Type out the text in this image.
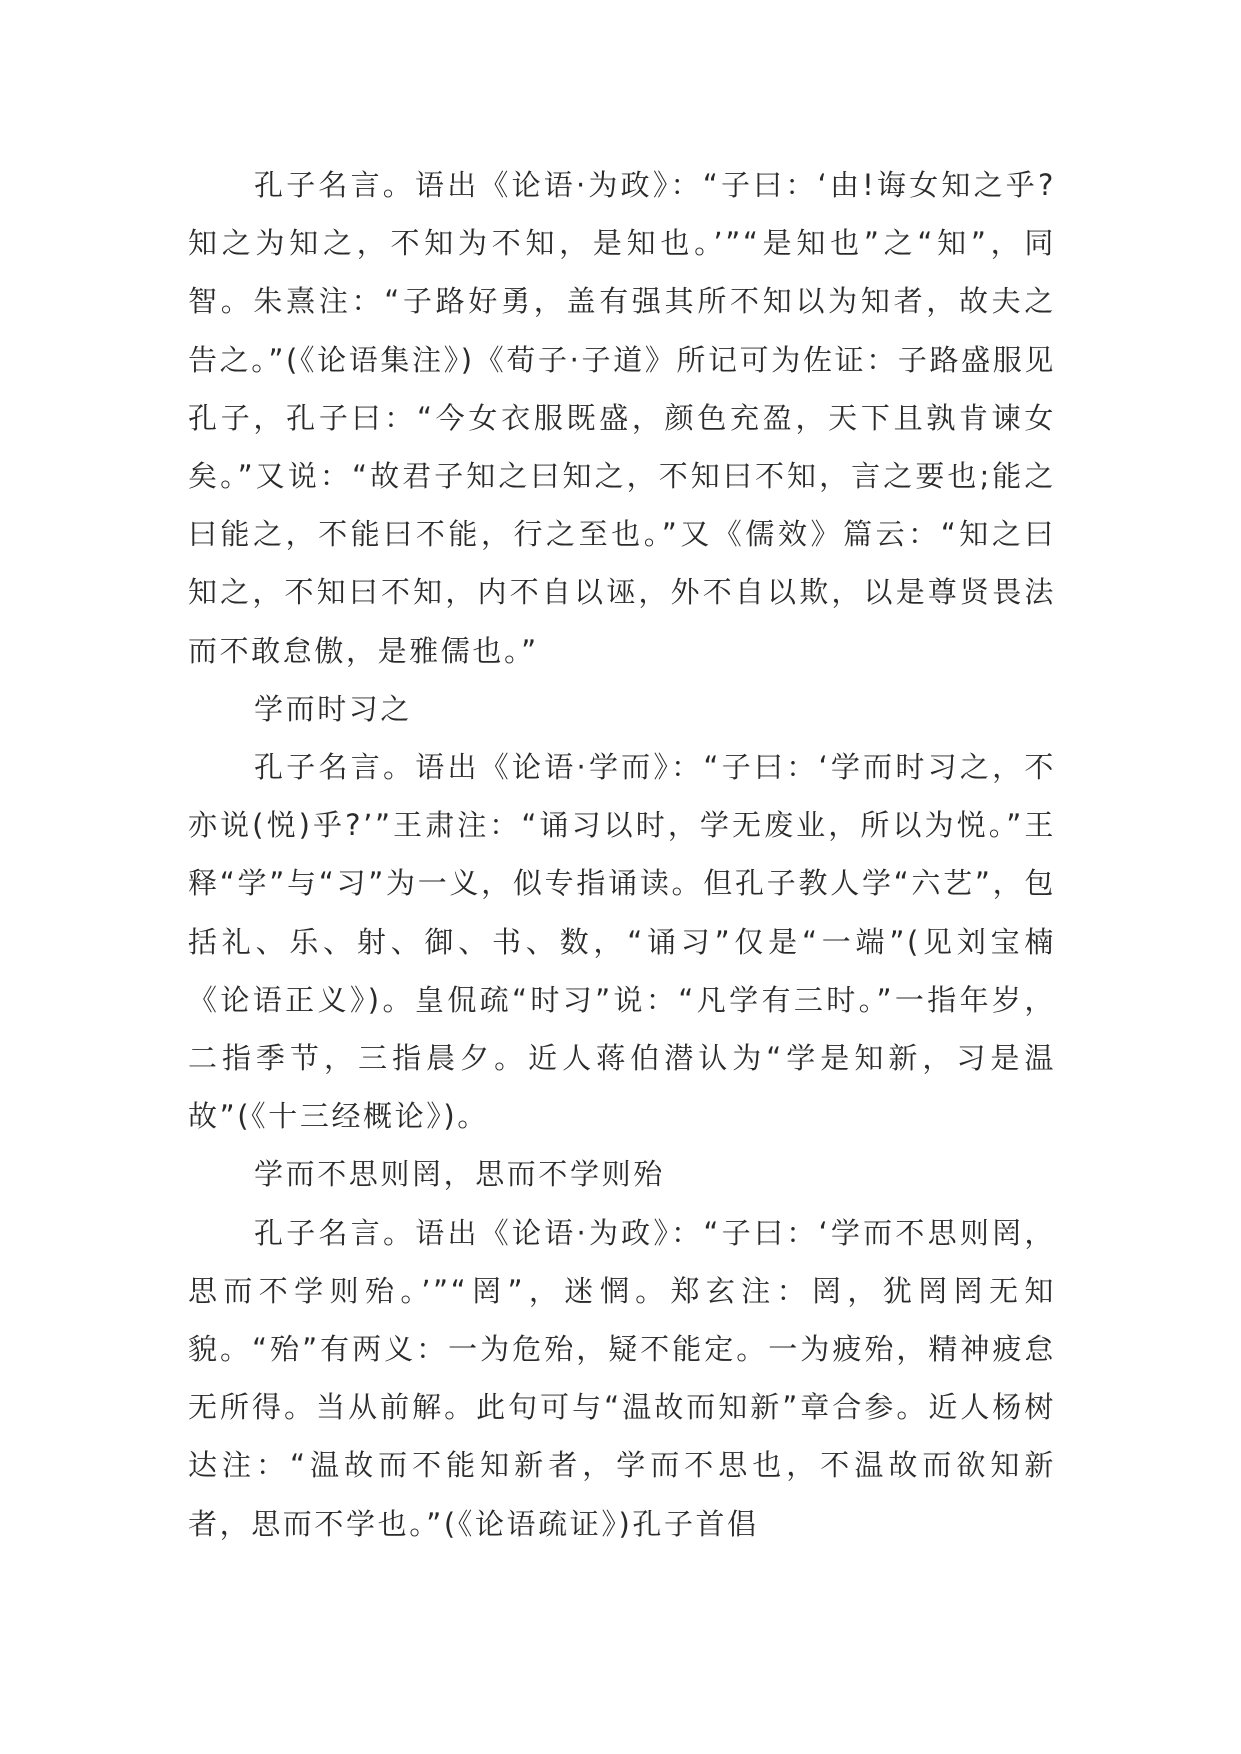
孔子名言。语出《论语·为政》：“子曰：‘由!诲女知之乎?知之为知之，不知为不知，是知也。’”“是知也”之“知”，同智。朱熹注：“子路好勇，盖有强其所不知以为知者，故夫之告之。”(《论语集注》)《荀子·子道》所记可为佐证：子路盛服见孔子，孔子曰：“今女衣服既盛，颜色充盈，天下且孰肯谏女矣。”又说：“故君子知之曰知之，不知曰不知，言之要也;能之曰能之，不能曰不能，行之至也。”又《儒效》篇云：“知之曰知之，不知曰不知，内不自以诬，外不自以欺，以是尊贤畏法而不敢怠傲，是雅儒也。”

学而时习之

孔子名言。语出《论语·学而》：“子曰：‘学而时习之，不亦说(悦)乎?’”王肃注：“诵习以时，学无废业，所以为悦。”王释“学”与“习”为一义，似专指诵读。但孔子教人学“六艺”，包括礼、乐、射、御、书、数，“诵习”仅是“一端”(见刘宝楠《论语正义》)。皇侃疏“时习”说：“凡学有三时。”一指年岁，二指季节，三指晨夕。近人蒋伯潜认为“学是知新，习是温故”(《十三经概论》)。

学而不思则罔，思而不学则殆

孔子名言。语出《论语·为政》：“子曰：‘学而不思则罔，思而不学则殆。’”“罔”，迷惘。郑玄注：罔，犹罔罔无知貌。“殆”有两义：一为危殆，疑不能定。一为疲殆，精神疲怠无所得。当从前解。此句可与“温故而知新”章合参。近人杨树达注：“温故而不能知新者，学而不思也，不温故而欲知新者，思而不学也。”(《论语疏证》)孔子首倡
